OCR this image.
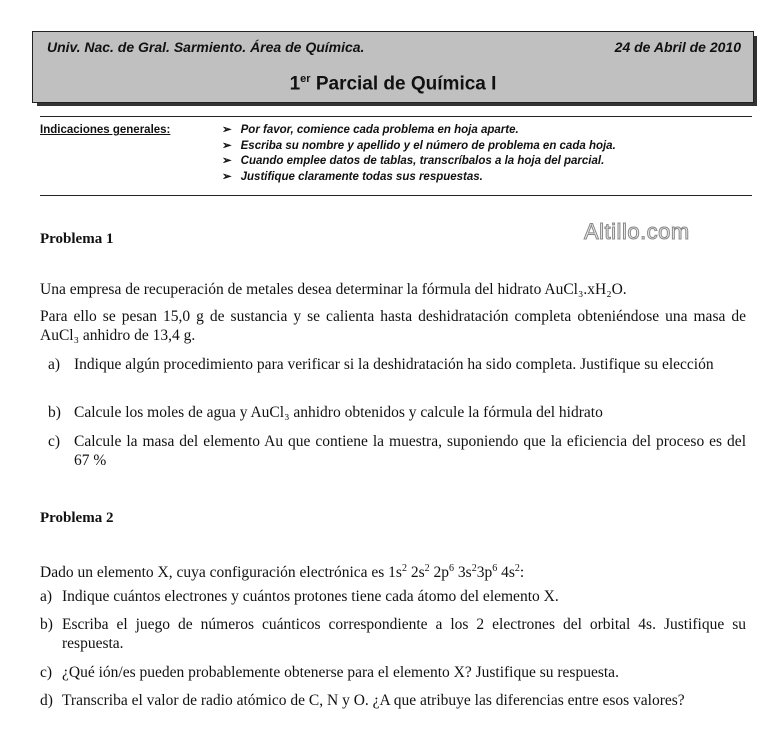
Univ. Nac. de Gral. Sarmiento. Área de Química.	24 de Abril de 2010
1er Parcial de Química I
Indicaciones generales:
➢	Por favor, comience cada problema en hoja aparte.
➢ Escriba su nombre y apellido y el número de problema en cada hoja.
➢ Cuando emplee datos de tablas, transcríbalos a la hoja del parcial.
➢ Justifique claramente todas sus respuestas.
Problema 1	Altillo.com
Una empresa de recuperación de metales desea determinar la fórmula del hidrato AuCl₃.xH₂O.
Para ello se pesan 15,0 g de sustancia y se calienta hasta deshidratación completa obteniéndose una masa de AuCl₃ anhidro de 13,4 g.
a) Indique algún procedimiento para verificar si la deshidratación ha sido completa. Justifique su elección
b) Calcule los moles de agua y AuCl₃ anhidro obtenidos y calcule la fórmula del hidrato
c) Calcule la masa del elemento Au que contiene la muestra, suponiendo que la eficiencia del proceso es del 67 %
Problema 2
Dado un elemento X, cuya configuración electrónica es $1s^2$ $2s^2$ $2p^6$ $3s^23p^6$ $4s^2$:
a) Indique cuántos electrones y cuántos protones tiene cada átomo del elemento X.
b) Escriba el juego de números cuánticos correspondiente a los 2 electrones del orbital 4s. Justifique su respuesta.
c) ¿Qué ión/es pueden probablemente obtenerse para el elemento X? Justifique su respuesta.
d) Transcriba el valor de radio atómico de C, N y O. ¿A que atribuye las diferencias entre esos valores?
